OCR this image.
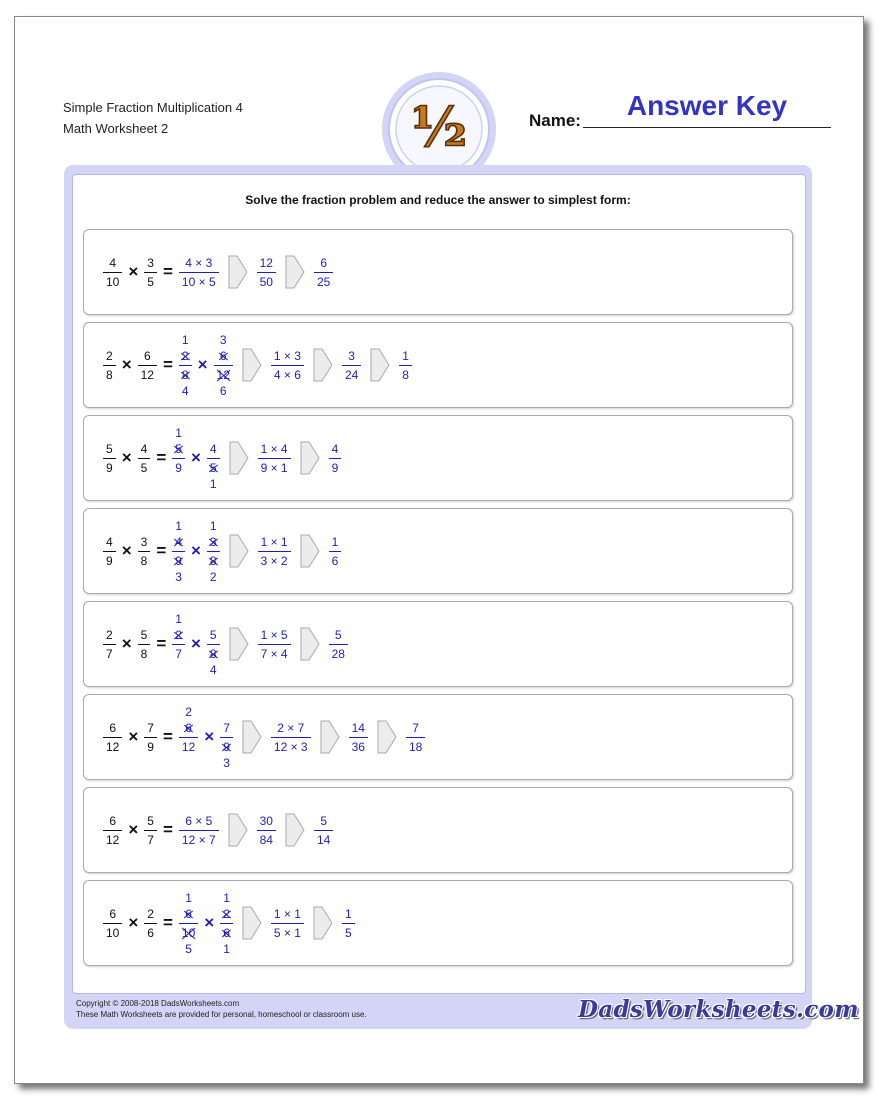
Simple Fraction Multiplication 4
Math Worksheet 2	½	Answer Key
Name:
Solve the fraction problem and reduce the answer to simplest form:
$\frac{4}{10} \times \frac{3}{5} = \frac{4 \times 3}{10 \times 5}$	$\frac{12}{50}$	$\frac{6}{25}$
$\frac{2}{8} \times \frac{6}{12}$ =
1
$\frac{2}{8}$
4
×
3
$\frac{6}{12}$
6
$\frac{1 \times 3}{4 \times 6}$	$\frac{3}{24}$	$\frac{1}{8}$
$\frac{5}{9} \times \frac{4}{5}$ =
1
$\frac{5}{9} \times \frac{4}{5}$
1
$\frac{1 \times 4}{9 \times 1}$	$\frac{4}{9}$
$\frac{4}{9} \times \frac{3}{8}$ =
1
$\frac{4}{9}$
3
×
1
$\frac{3}{8}$
2
$\frac{1 \times 1}{3 \times 2}$	$\frac{1}{6}$
$\frac{2}{7} \times \frac{5}{8}$ =
1
$\frac{2}{7} \times \frac{5}{8}$
4
$\frac{1 \times 5}{7 \times 4}$	$\frac{5}{28}$
$\frac{6}{12} \times \frac{7}{9}$ =
2
$\frac{6}{12} \times \frac{7}{9}$
3
$\frac{2 \times 7}{12 \times 3}$	$\frac{14}{36}$	$\frac{7}{18}$
$\frac{6}{12} \times \frac{5}{7} = \frac{6 \times 5}{12 \times 7}$	$\frac{30}{84}$	$\frac{5}{14}$
$\frac{6}{10} \times \frac{2}{6}$ =
1
$\frac{6}{10}$
5
×
1
$\frac{2}{6}$
1
$\frac{1 \times 1}{5 \times 1}$	$\frac{1}{5}$
Copyright © 2008-2018 DadsWorksheets.com
These Math Worksheets are provided for personal, homeschool or classroom use.	DadsWorksheets.com
